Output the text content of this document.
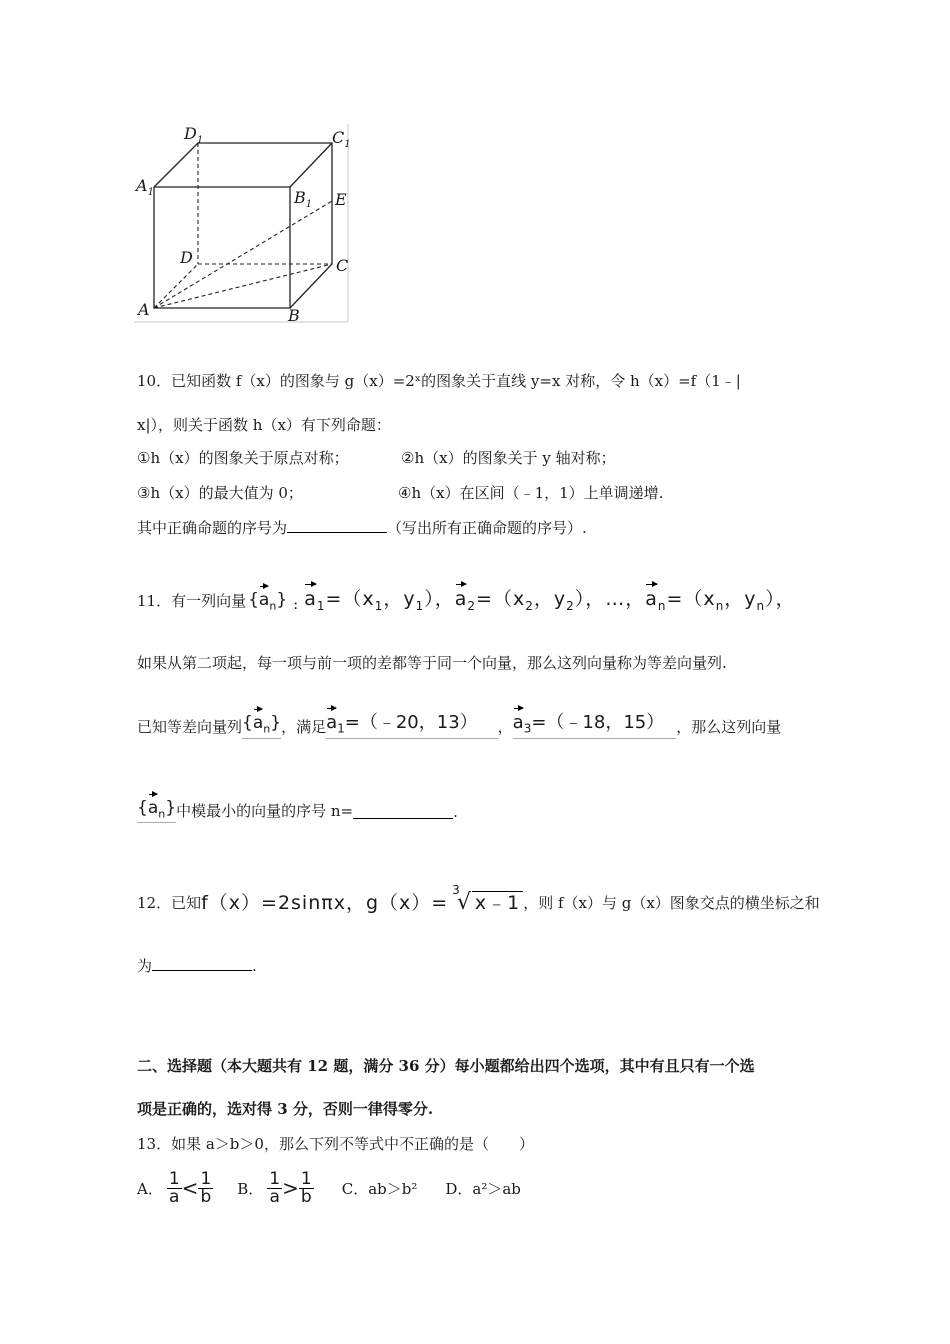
$D_1$	$C_1$
$A_1$	$B_1$ E
D	C
A	B
10．已知函数 f（x）的图象与 g（x）=2ˣ的图象关于直线 y=x 对称，令 h（x）=f（1﹣|
x|），则关于函数 h（x）有下列命题：
①h（x）的图象关于原点对称；	②h（x）的图象关于 y 轴对称；
③h（x）的最大值为 0；	④h（x）在区间（﹣1，1）上单调递增.
其中正确命题的序号为	（写出所有正确命题的序号）.
11．有一列向量 $\{a_n\}$ : $a_1=(x_1$，$y_1$）， $a_2=(x_2$，$y_2$），…， $a_n=(x_n$，$y_n$），
如果从第二项起，每一项与前一项的差都等于同一个向量，那么这列向量称为等差向量列.
已知等差向量列 $\{a_n\}$ ，满足 $a_1=(﹣20$，13）	， $a_3=(﹣18$，15） ，那么这列向量
$\{a_n\}$ 中模最小的向量的序号 n=	.
12．已知 f（x）=2sinπx，g（x）=$^3$√ x﹣1 ，则 f（x）与 g（x）图象交点的横坐标之和
为	.
二、选择题（本大题共有 12 题，满分 36 分）每小题都给出四个选项，其中有且只有一个选
项是正确的，选对得 3 分，否则一律得零分.
13．如果 a＞b＞0，那么下列不等式中不正确的是（　　）
A． $\frac{1}{a} < \frac{1}{b}$ B． $\frac{1}{a} > \frac{1}{b}$ C．ab＞b² D．a²＞ab
